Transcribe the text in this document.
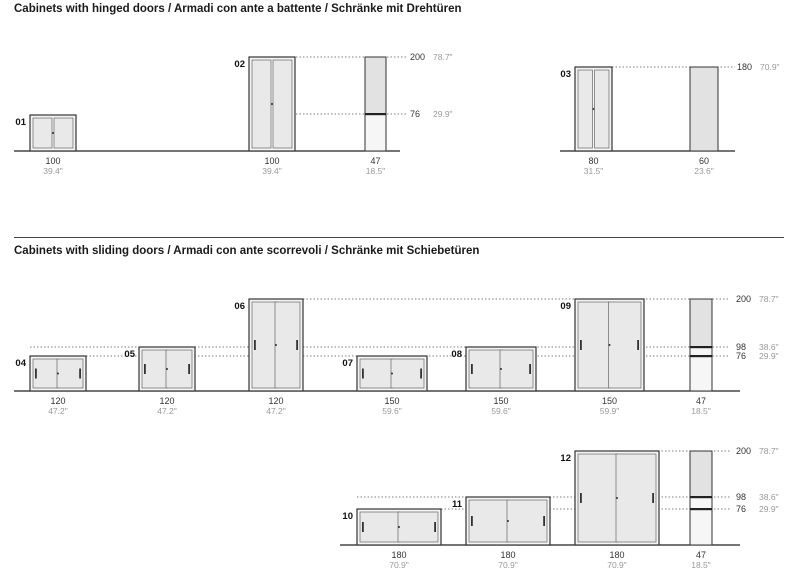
Cabinets with hinged doors / Armadi con ante a battente / Schränke mit Drehtüren
Cabinets with sliding doors / Armadi con ante scorrevoli / Schränke mit Schiebetüren
01
100
39.4"
02
100
39.4"
47
18.5"
200 78.7"
76 29.9"
03
80
31.5"
60
23.6"
180 70.9"
04
120
47.2"
05
120
47.2"
06
120
47.2"
07
150
59.6"
08
150
59.6"
09
150
59.9"
47
18.5"
200 78.7"
98 38.6"
76 29.9"
10
180
70.9"
11
180
70.9"
12
180
70.9"
47
18.5"
200 78.7"
98 38.6"
76 29.9"
